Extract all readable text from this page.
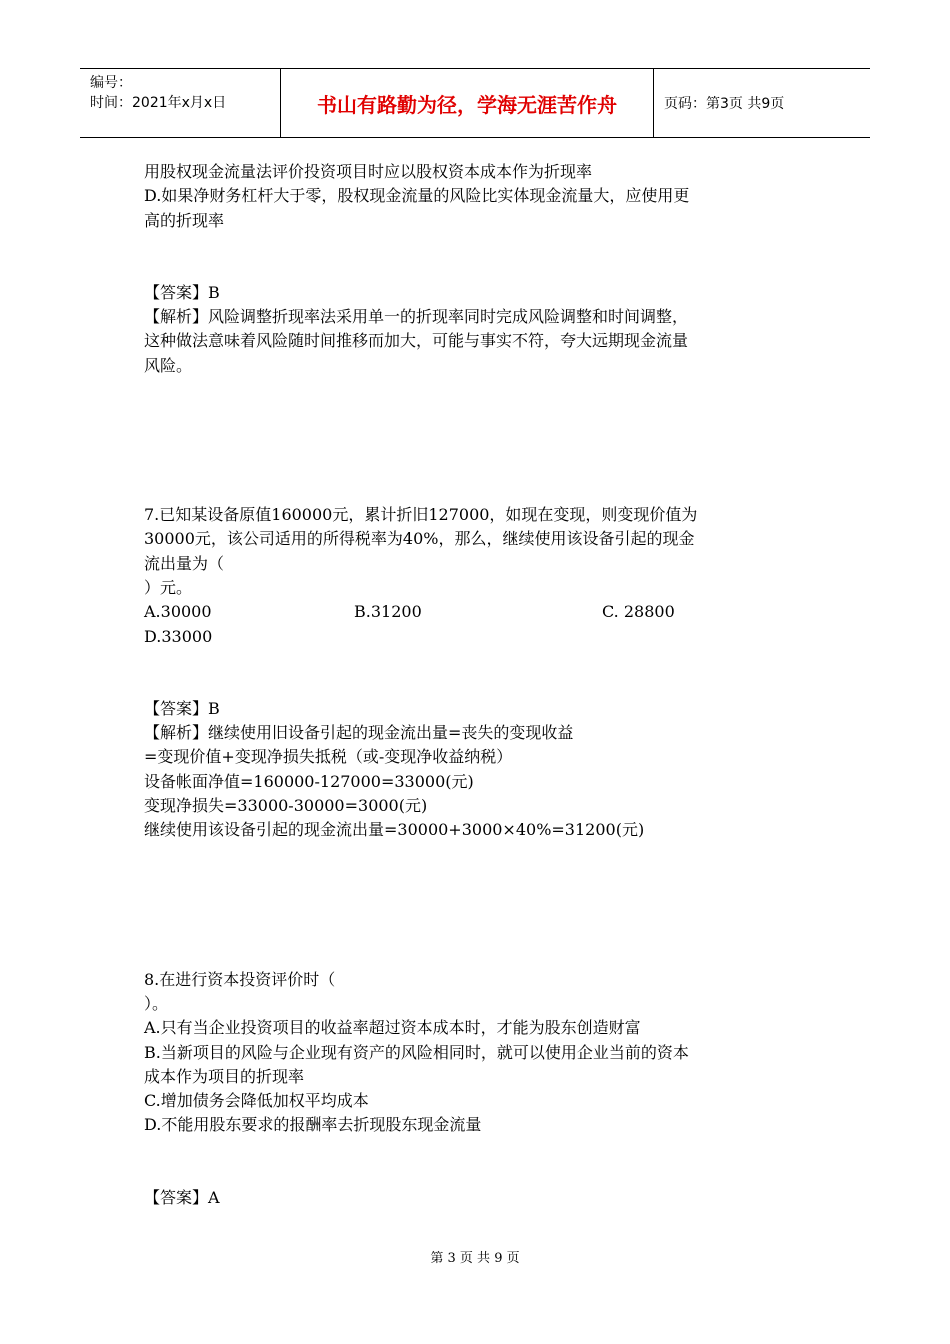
编号：
时间：2021年x月x日	书山有路勤为径，学海无涯苦作舟	页码：第3页 共9页
用股权现金流量法评价投资项目时应以股权资本成本作为折现率
D.如果净财务杠杆大于零，股权现金流量的风险比实体现金流量大，应使用更
高的折现率
【答案】B
【解析】风险调整折现率法采用单一的折现率同时完成风险调整和时间调整，
这种做法意味着风险随时间推移而加大，可能与事实不符，夸大远期现金流量
风险。
7.已知某设备原值160000元，累计折旧127000，如现在变现，则变现价值为
30000元，该公司适用的所得税率为40%，那么，继续使用该设备引起的现金
流出量为（
）元。
A.30000	B.31200	C. 28800
D.33000
【答案】B
【解析】继续使用旧设备引起的现金流出量=丧失的变现收益
=变现价值+变现净损失抵税（或-变现净收益纳税）
设备帐面净值=160000-127000=33000(元)
变现净损失=33000-30000=3000(元)
继续使用该设备引起的现金流出量=30000+3000×40%=31200(元)
8.在进行资本投资评价时（
）。
A.只有当企业投资项目的收益率超过资本成本时，才能为股东创造财富
B.当新项目的风险与企业现有资产的风险相同时，就可以使用企业当前的资本
成本作为项目的折现率
C.增加债务会降低加权平均成本
D.不能用股东要求的报酬率去折现股东现金流量
【答案】A
第 3 页 共 9 页
